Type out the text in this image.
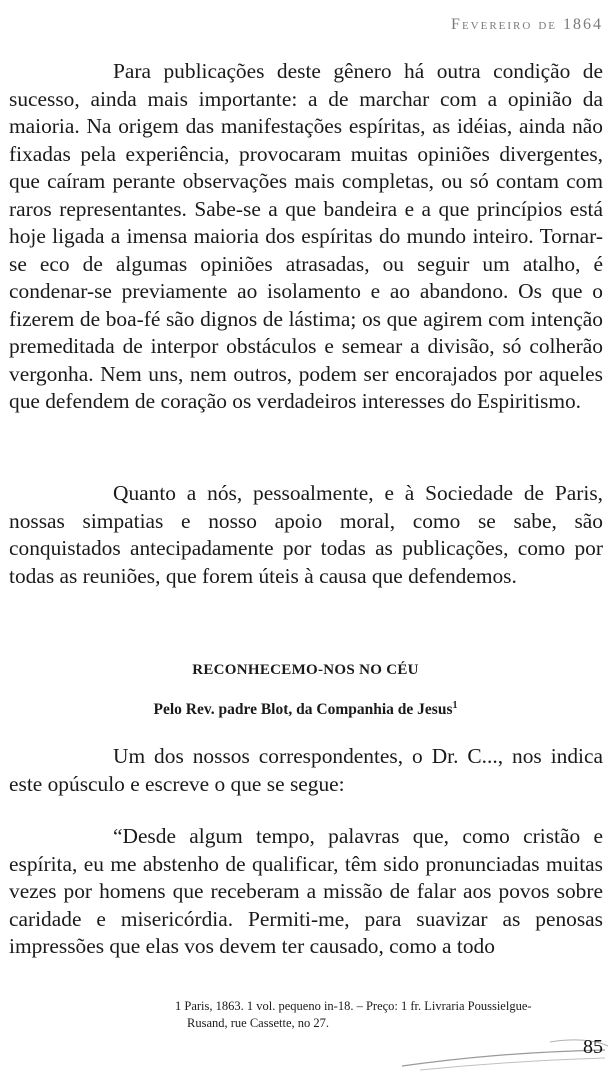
Fevereiro de 1864

Para publicações deste gênero há outra condição de sucesso, ainda mais importante: a de marchar com a opinião da maioria. Na origem das manifestações espíritas, as idéias, ainda não fixadas pela experiência, provocaram muitas opiniões divergentes, que caíram perante observações mais completas, ou só contam com raros representantes. Sabe-se a que bandeira e a que princípios está hoje ligada a imensa maioria dos espíritas do mundo inteiro. Tornar-se eco de algumas opiniões atrasadas, ou seguir um atalho, é condenar-se previamente ao isolamento e ao abandono. Os que o fizerem de boa-fé são dignos de lástima; os que agirem com intenção premeditada de interpor obstáculos e semear a divisão, só colherão vergonha. Nem uns, nem outros, podem ser encorajados por aqueles que defendem de coração os verdadeiros interesses do Espiritismo.

Quanto a nós, pessoalmente, e à Sociedade de Paris, nossas simpatias e nosso apoio moral, como se sabe, são conquistados antecipadamente por todas as publicações, como por todas as reuniões, que forem úteis à causa que defendemos.

RECONHECEMO-NOS NO CÉU
Pelo Rev. padre Blot, da Companhia de Jesus$^1$

Um dos nossos correspondentes, o Dr. C..., nos indica este opúsculo e escreve o que se segue:

“Desde algum tempo, palavras que, como cristão e espírita, eu me abstenho de qualificar, têm sido pronunciadas muitas vezes por homens que receberam a missão de falar aos povos sobre caridade e misericórdia. Permiti-me, para suavizar as penosas impressões que elas vos devem ter causado, como a todo

1 Paris, 1863. 1 vol. pequeno in-18. – Preço: 1 fr. Livraria Poussielgue-
Rusand, rue Cassette, no 27.
85
